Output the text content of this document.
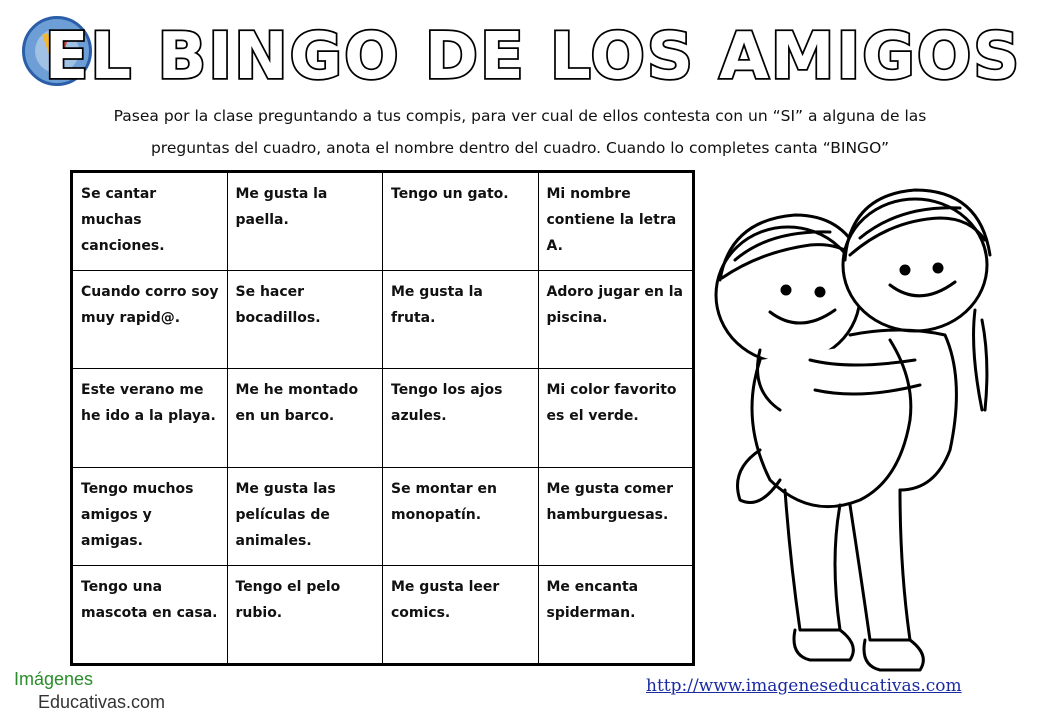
EL BINGO DE LOS AMIGOS

Pasea por la clase preguntando a tus compis, para ver cual de ellos contesta con un “SI” a alguna de las
preguntas del cuadro, anota el nombre dentro del cuadro. Cuando lo completes canta “BINGO”

Se cantar muchas canciones.	Me gusta la paella.	Tengo un gato.	Mi nombre contiene la letra A.
Cuando corro soy muy rapid@.	Se hacer bocadillos.	Me gusta la fruta.	Adoro jugar en la piscina.
Este verano me he ido a la playa.	Me he montado en un barco.	Tengo los ajos azules.	Mi color favorito es el verde.
Tengo muchos amigos y amigas.	Me gusta las películas de animales.	Se montar en monopatín.	Me gusta comer hamburguesas.
Tengo una mascota en casa.	Tengo el pelo rubio.	Me gusta leer comics.	Me encanta spiderman.
Imágenes
Educativas.com
http://www.imageneseducativas.com
